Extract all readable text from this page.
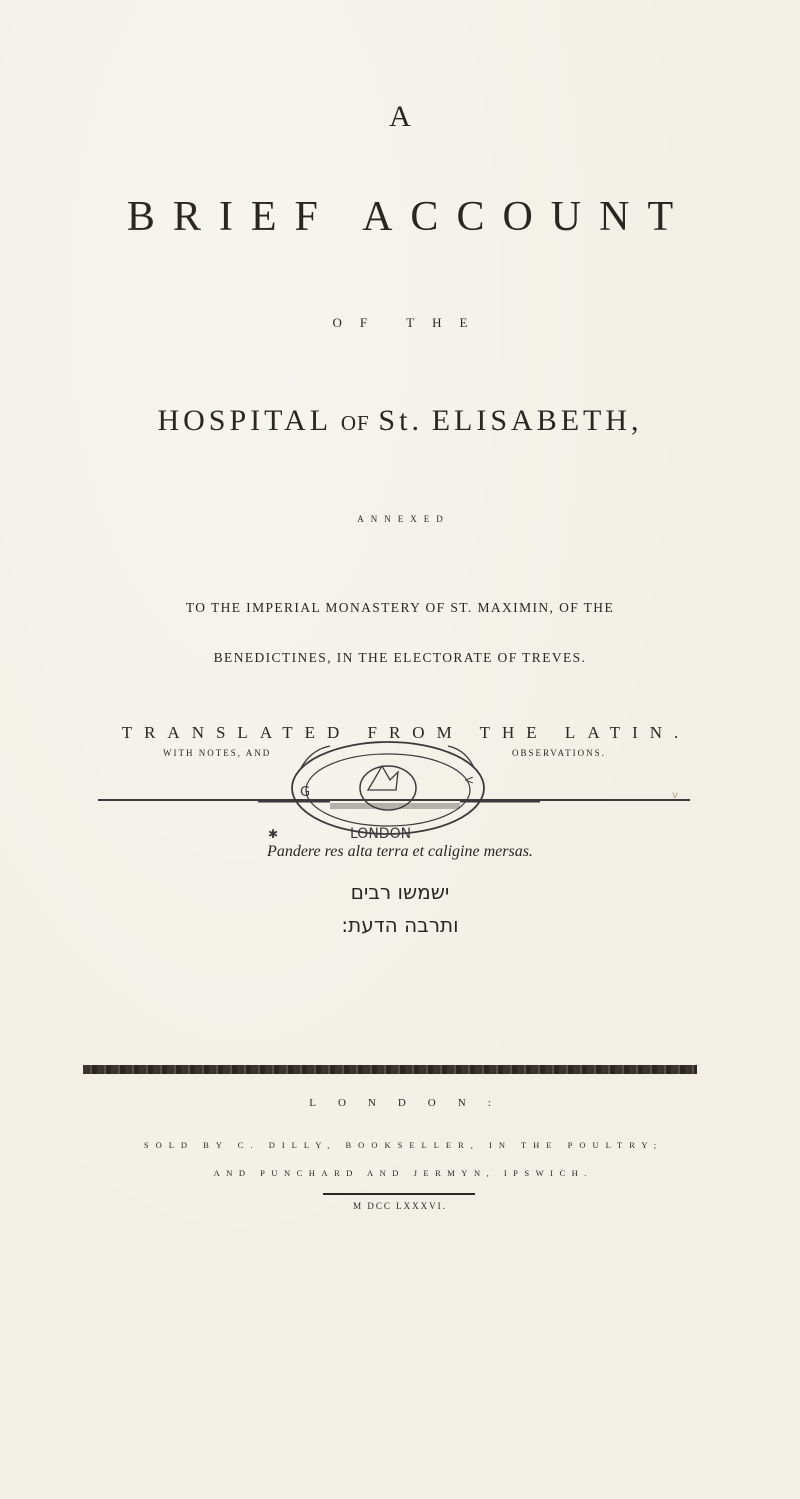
A
BRIEF ACCOUNT
OF THE
HOSPITAL OF St. ELISABETH,
ANNEXED
TO THE IMPERIAL MONASTERY OF ST. MAXIMIN, OF THE
BENEDICTINES, IN THE ELECTORATE OF TREVES.
TRANSLATED FROM THE LATIN.
G
<
LONDON
✱
v
WITH NOTES, AND	OBSERVATIONS.
Pandere res alta terra et caligine mersas.
ישמשו רבים
ותרבה הדעת:
LONDON:
SOLD BY C. DILLY, BOOKSELLER, IN THE POULTRY;
AND PUNCHARD AND JERMYN, IPSWICH.
M DCC LXXXVI.
